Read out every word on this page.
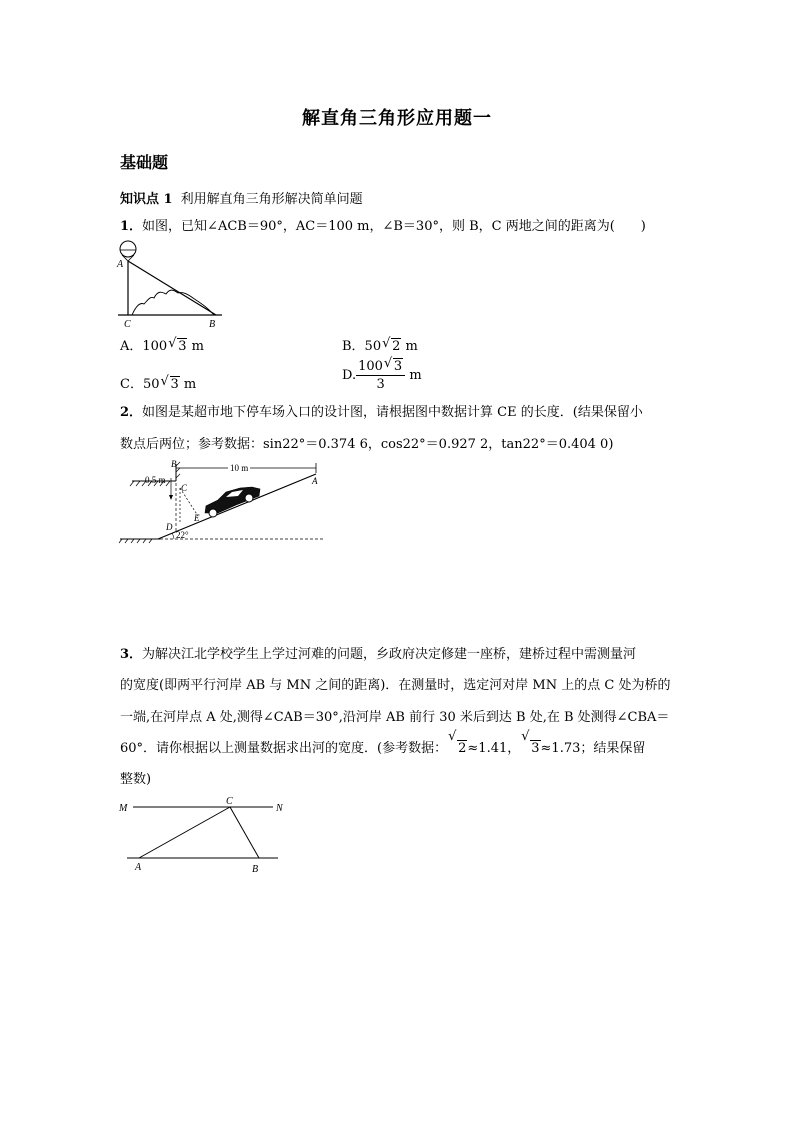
解直角三角形应用题一
基础题
知识点 1 利用解直角三角形解决简单问题
1．如图，已知∠ACB＝90°，AC＝100 m，∠B＝30°，则 B，C 两地之间的距离为(　　)
A
C	B
A．100 √ 3 m	B．50 √ 2 m
C．50 √ 3 m
D. $\frac{100 √ 3}{3}$ m
2．如图是某超市地下停车场入口的设计图，请根据图中数据计算 CE 的长度．(结果保留小
数点后两位；参考数据：sin22°＝0.374 6，cos22°＝0.927 2，tan22°＝0.404 0)
10 m
B
0.5 m
C
A
E
D
22°
3．为解决江北学校学生上学过河难的问题，乡政府决定修建一座桥，建桥过程中需测量河
的宽度(即两平行河岸 AB 与 MN 之间的距离)．在测量时，选定河对岸 MN 上的点 C 处为桥的
一端,在河岸点 A 处,测得∠CAB＝30°,沿河岸 AB 前行 30 米后到达 B 处,在 B 处测得∠CBA＝
60°．请你根据以上测量数据求出河的宽度．(参考数据：
√
2≈1.41，
√
3≈1.73；结果保留
整数)
M
C
N
A	B
